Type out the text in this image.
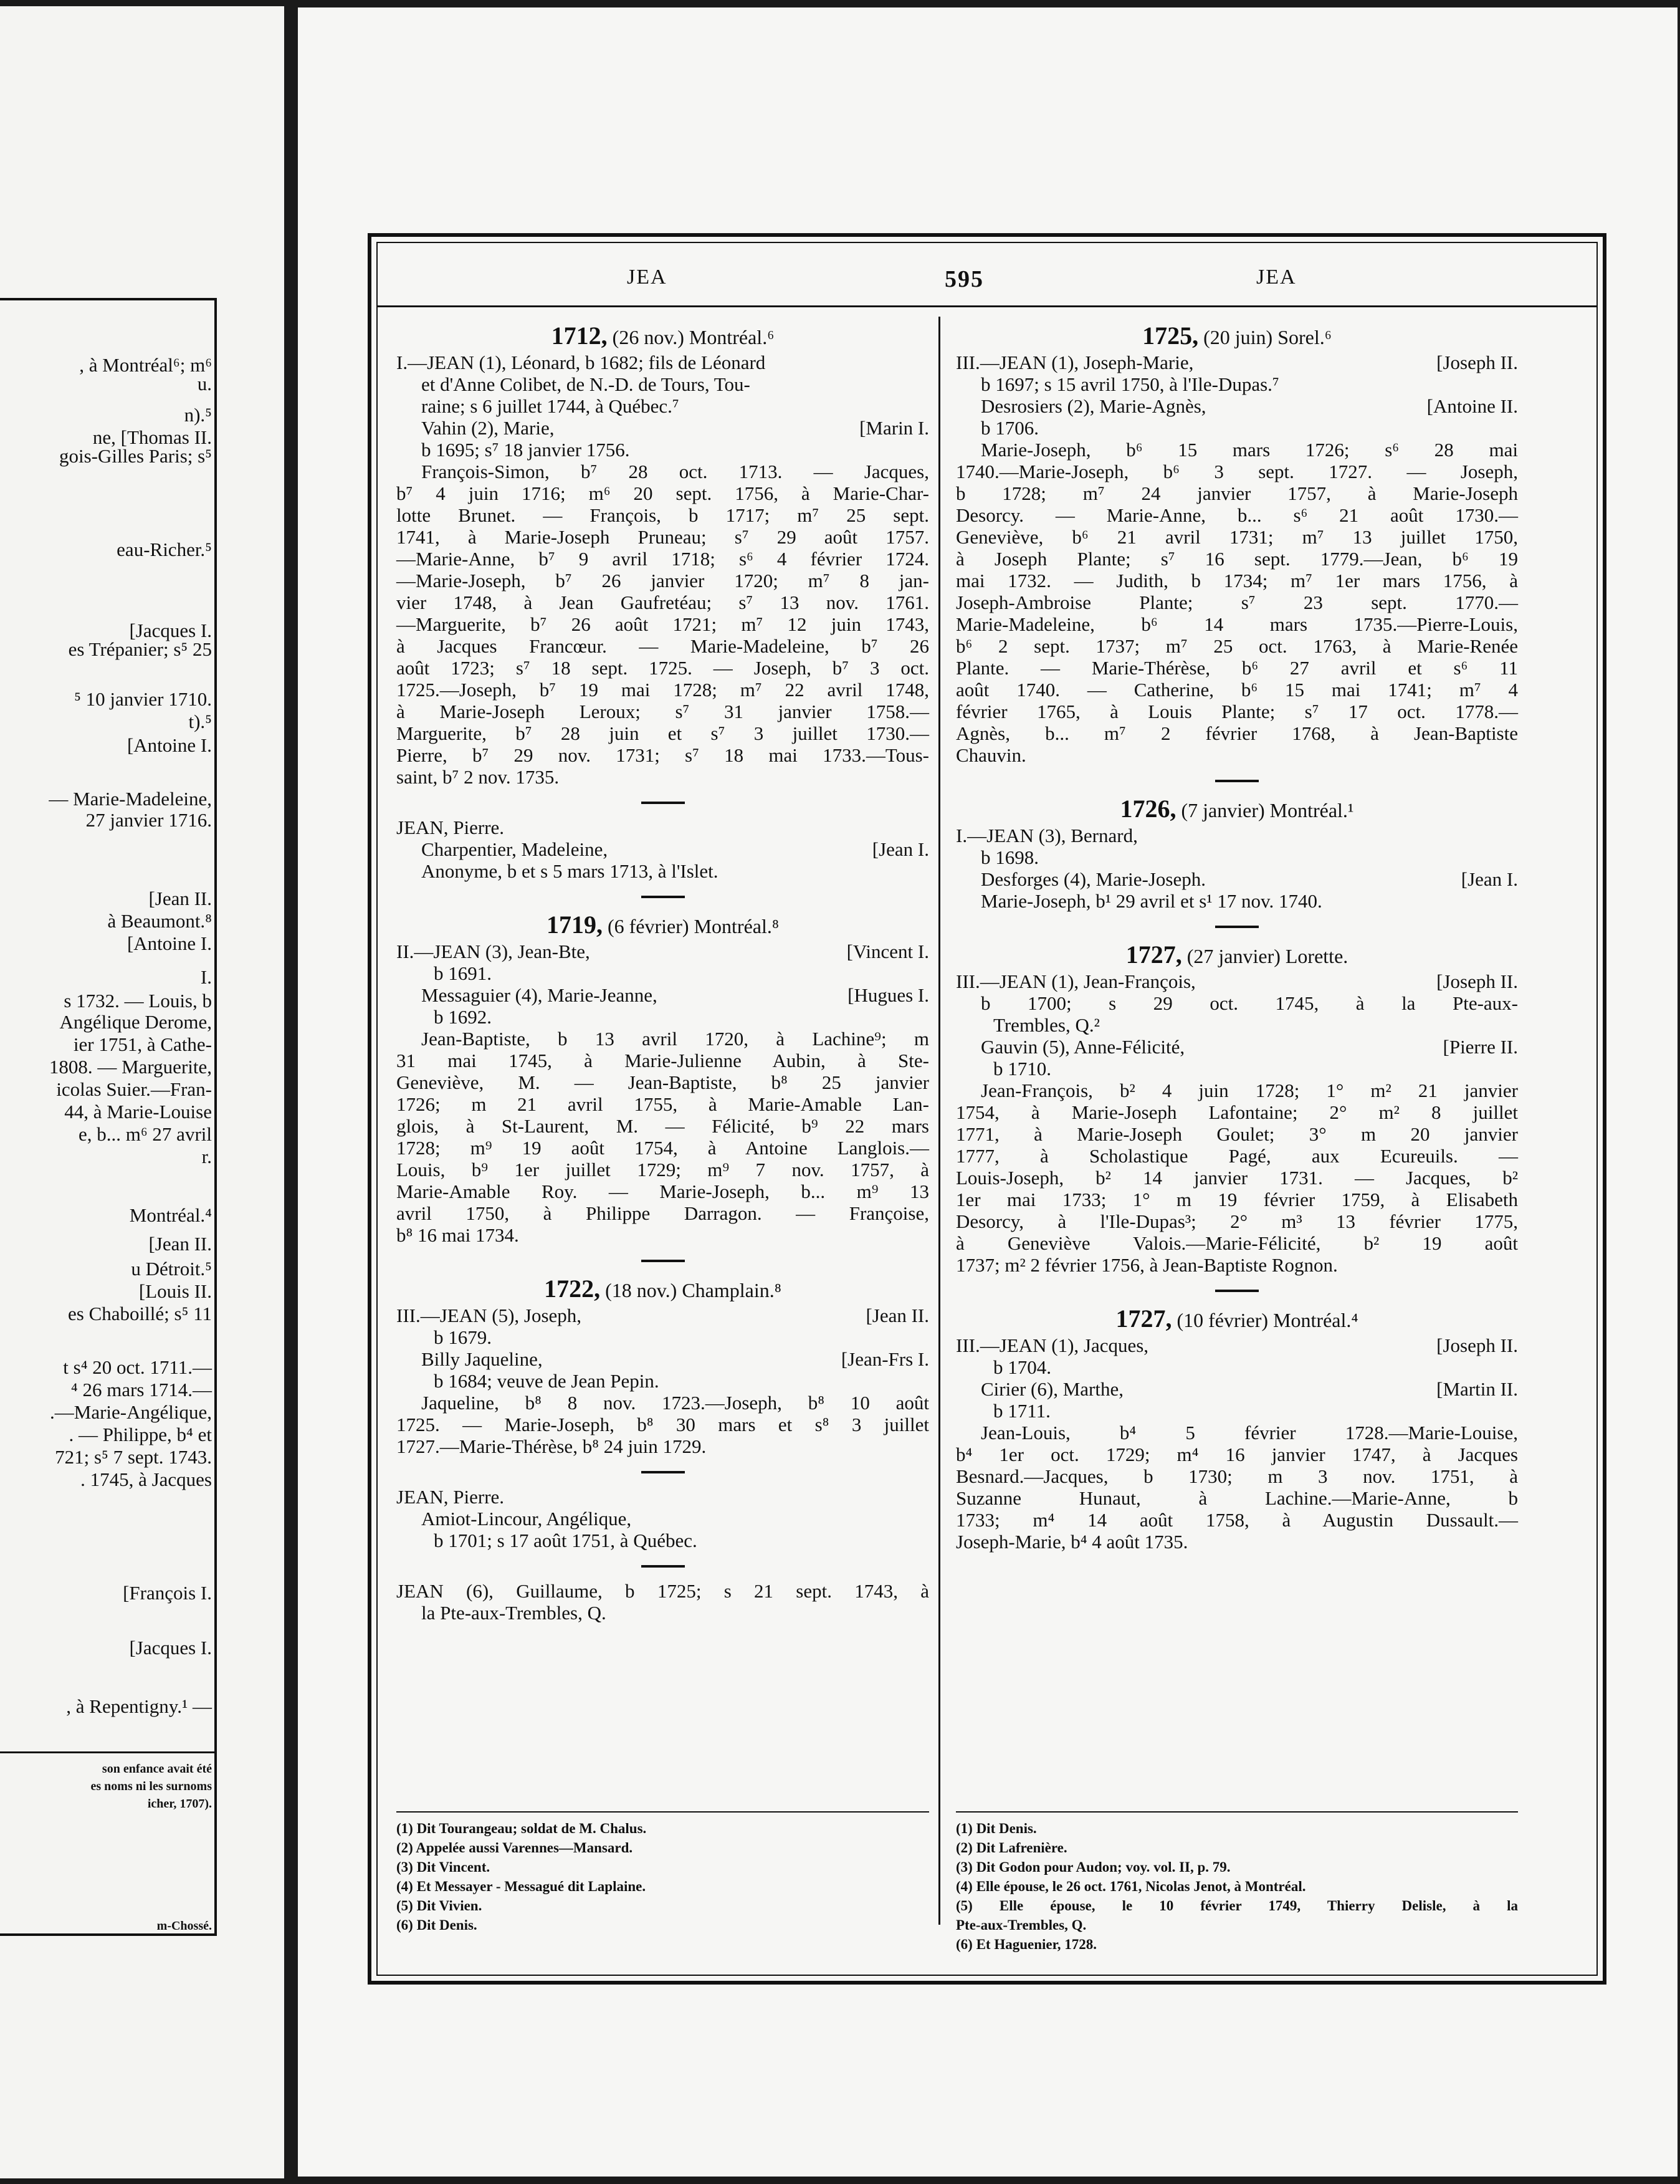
, à Montréal⁶; m⁶
u.
n).⁵
ne, [Thomas II.
gois-Gilles Paris; s⁵
eau-Richer.⁵
[Jacques I.
es Trépanier; s⁵ 25
⁵ 10 janvier 1710.
t).⁵
[Antoine I.
— Marie-Madeleine,
27 janvier 1716.
[Jean II.
à Beaumont.⁸
[Antoine I.
I.
s 1732. — Louis, b
Angélique Derome,
ier 1751, à Cathe-
1808. — Marguerite,
icolas Suier.—Fran-
44, à Marie-Louise
e, b... m⁶ 27 avril
r.
Montréal.⁴
[Jean II.
u Détroit.⁵
[Louis II.
es Chaboillé; s⁵ 11
t s⁴ 20 oct. 1711.—
⁴ 26 mars 1714.—
.—Marie-Angélique,
. — Philippe, b⁴ et
721; s⁵ 7 sept. 1743.
. 1745, à Jacques
[François I.
[Jacques I.
, à Repentigny.¹ —
son enfance avait été
es noms ni les surnoms
icher, 1707).
m-Chossé.
JEA	595	JEA
1712, (26 nov.) Montréal.⁶
I.—JEAN (1), Léonard, b 1682; fils de Léonard
et d'Anne Colibet, de N.-D. de Tours, Tou-
raine; s 6 juillet 1744, à Québec.⁷
Vahin (2), Marie,	[Marin I.
b 1695; s⁷ 18 janvier 1756.
François-Simon, b⁷ 28 oct. 1713. — Jacques,
b⁷ 4 juin 1716; m⁶ 20 sept. 1756, à Marie-Char-
lotte Brunet. — François, b 1717; m⁷ 25 sept.
1741, à Marie-Joseph Pruneau; s⁷ 29 août 1757.
—Marie-Anne, b⁷ 9 avril 1718; s⁶ 4 février 1724.
—Marie-Joseph, b⁷ 26 janvier 1720; m⁷ 8 jan-
vier 1748, à Jean Gaufretéau; s⁷ 13 nov. 1761.
—Marguerite, b⁷ 26 août 1721; m⁷ 12 juin 1743,
à Jacques Francœur. — Marie-Madeleine, b⁷ 26
août 1723; s⁷ 18 sept. 1725. — Joseph, b⁷ 3 oct.
1725.—Joseph, b⁷ 19 mai 1728; m⁷ 22 avril 1748,
à Marie-Joseph Leroux; s⁷ 31 janvier 1758.—
Marguerite, b⁷ 28 juin et s⁷ 3 juillet 1730.—
Pierre, b⁷ 29 nov. 1731; s⁷ 18 mai 1733.—Tous-
saint, b⁷ 2 nov. 1735.
JEAN, Pierre.
Charpentier, Madeleine,	[Jean I.
Anonyme, b et s 5 mars 1713, à l'Islet.
1719, (6 février) Montréal.⁸
II.—JEAN (3), Jean-Bte,	[Vincent I.
b 1691.
Messaguier (4), Marie-Jeanne,	[Hugues I.
b 1692.
Jean-Baptiste, b 13 avril 1720, à Lachine⁹; m
31 mai 1745, à Marie-Julienne Aubin, à Ste-
Geneviève, M. — Jean-Baptiste, b⁸ 25 janvier
1726; m 21 avril 1755, à Marie-Amable Lan-
glois, à St-Laurent, M. — Félicité, b⁹ 22 mars
1728; m⁹ 19 août 1754, à Antoine Langlois.—
Louis, b⁹ 1er juillet 1729; m⁹ 7 nov. 1757, à
Marie-Amable Roy. — Marie-Joseph, b... m⁹ 13
avril 1750, à Philippe Darragon. — Françoise,
b⁸ 16 mai 1734.
1722, (18 nov.) Champlain.⁸
III.—JEAN (5), Joseph,	[Jean II.
b 1679.
Billy Jaqueline,	[Jean-Frs I.
b 1684; veuve de Jean Pepin.
Jaqueline, b⁸ 8 nov. 1723.—Joseph, b⁸ 10 août
1725. — Marie-Joseph, b⁸ 30 mars et s⁸ 3 juillet
1727.—Marie-Thérèse, b⁸ 24 juin 1729.
JEAN, Pierre.
Amiot-Lincour, Angélique,
b 1701; s 17 août 1751, à Québec.
JEAN (6), Guillaume, b 1725; s 21 sept. 1743, à
la Pte-aux-Trembles, Q.
(1) Dit Tourangeau; soldat de M. Chalus.
(2) Appelée aussi Varennes—Mansard.
(3) Dit Vincent.
(4) Et Messayer - Messagué dit Laplaine.
(5) Dit Vivien.
(6) Dit Denis.
1725, (20 juin) Sorel.⁶
III.—JEAN (1), Joseph-Marie,	[Joseph II.
b 1697; s 15 avril 1750, à l'Ile-Dupas.⁷
Desrosiers (2), Marie-Agnès,	[Antoine II.
b 1706.
Marie-Joseph, b⁶ 15 mars 1726; s⁶ 28 mai
1740.—Marie-Joseph, b⁶ 3 sept. 1727. — Joseph,
b 1728; m⁷ 24 janvier 1757, à Marie-Joseph
Desorcy. — Marie-Anne, b... s⁶ 21 août 1730.—
Geneviève, b⁶ 21 avril 1731; m⁷ 13 juillet 1750,
à Joseph Plante; s⁷ 16 sept. 1779.—Jean, b⁶ 19
mai 1732. — Judith, b 1734; m⁷ 1er mars 1756, à
Joseph-Ambroise Plante; s⁷ 23 sept. 1770.—
Marie-Madeleine, b⁶ 14 mars 1735.—Pierre-Louis,
b⁶ 2 sept. 1737; m⁷ 25 oct. 1763, à Marie-Renée
Plante. — Marie-Thérèse, b⁶ 27 avril et s⁶ 11
août 1740. — Catherine, b⁶ 15 mai 1741; m⁷ 4
février 1765, à Louis Plante; s⁷ 17 oct. 1778.—
Agnès, b... m⁷ 2 février 1768, à Jean-Baptiste
Chauvin.
1726, (7 janvier) Montréal.¹
I.—JEAN (3), Bernard,
b 1698.
Desforges (4), Marie-Joseph.	[Jean I.
Marie-Joseph, b¹ 29 avril et s¹ 17 nov. 1740.
1727, (27 janvier) Lorette.
III.—JEAN (1), Jean-François,	[Joseph II.
b 1700; s 29 oct. 1745, à la Pte-aux-
Trembles, Q.²
Gauvin (5), Anne-Félicité,	[Pierre II.
b 1710.
Jean-François, b² 4 juin 1728; 1° m² 21 janvier
1754, à Marie-Joseph Lafontaine; 2° m² 8 juillet
1771, à Marie-Joseph Goulet; 3° m 20 janvier
1777, à Scholastique Pagé, aux Ecureuils. —
Louis-Joseph, b² 14 janvier 1731. — Jacques, b²
1er mai 1733; 1° m 19 février 1759, à Elisabeth
Desorcy, à l'Ile-Dupas³; 2° m³ 13 février 1775,
à Geneviève Valois.—Marie-Félicité, b² 19 août
1737; m² 2 février 1756, à Jean-Baptiste Rognon.
1727, (10 février) Montréal.⁴
III.—JEAN (1), Jacques,	[Joseph II.
b 1704.
Cirier (6), Marthe,	[Martin II.
b 1711.
Jean-Louis, b⁴ 5 février 1728.—Marie-Louise,
b⁴ 1er oct. 1729; m⁴ 16 janvier 1747, à Jacques
Besnard.—Jacques, b 1730; m 3 nov. 1751, à
Suzanne Hunaut, à Lachine.—Marie-Anne, b
1733; m⁴ 14 août 1758, à Augustin Dussault.—
Joseph-Marie, b⁴ 4 août 1735.
(1) Dit Denis.
(2) Dit Lafrenière.
(3) Dit Godon pour Audon; voy. vol. II, p. 79.
(4) Elle épouse, le 26 oct. 1761, Nicolas Jenot, à Montréal.
(5) Elle épouse, le 10 février 1749, Thierry Delisle, à la
Pte-aux-Trembles, Q.
(6) Et Haguenier, 1728.
